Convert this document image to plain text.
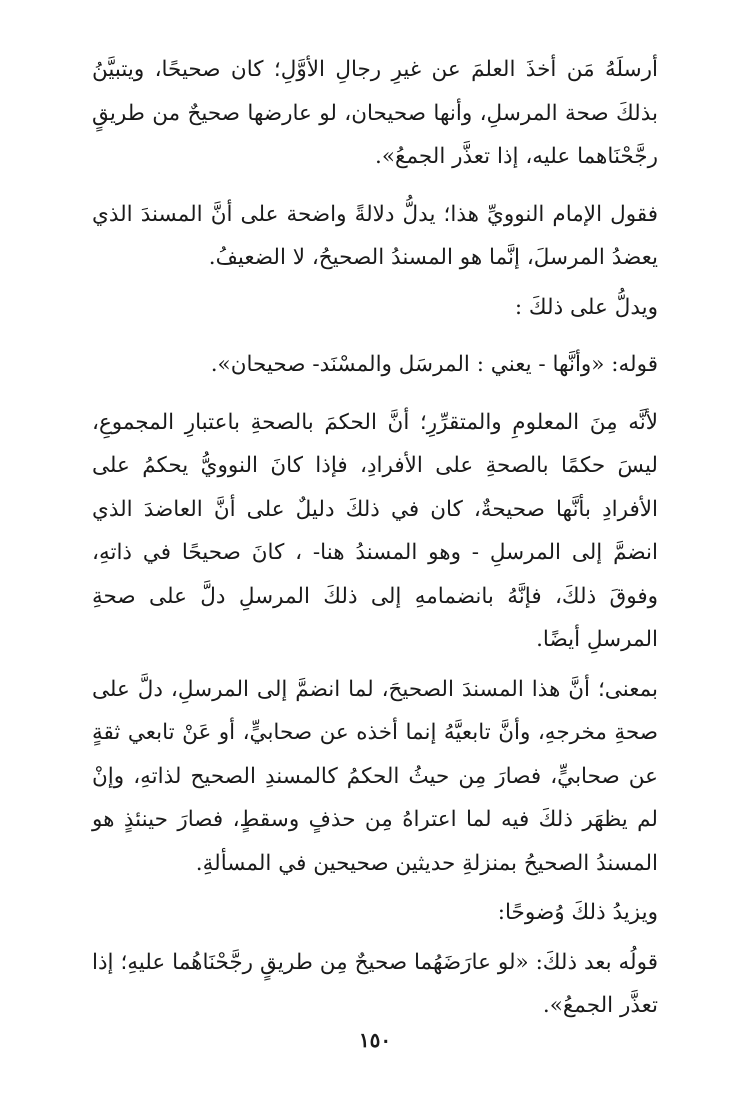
أرسلَهُ مَن أخذَ العلمَ عن غيرِ رجالِ الأوَّلِ؛ كان صحيحًا، ويتبيَّنُ بذلكَ صحة المرسلِ، وأنها صحيحان، لو عارضها صحيحٌ من طريقٍ رجَّحْنَاهما عليه، إذا تعذَّر الجمعُ».

فقول الإمام النوويِّ هذا؛ يدلُّ دلالةً واضحة على أنَّ المسندَ الذي يعضدُ المرسلَ، إنَّما هو المسندُ الصحيحُ، لا الضعيفُ.

ويدلُّ على ذلكَ :

قوله: «وأنَّها - يعني : المرسَل والمسْنَد- صحيحان».

لأنَّه مِنَ المعلومِ والمتقرِّرِ؛ أنَّ الحكمَ بالصحةِ باعتبارِ المجموعِ، ليسَ حكمًا بالصحةِ على الأفرادِ، فإذا كانَ النوويُّ يحكمُ على الأفرادِ بأنَّها صحيحةٌ، كان في ذلكَ دليلٌ على أنَّ العاضدَ الذي انضمَّ إلى المرسلِ - وهو المسندُ هنا- ، كانَ صحيحًا في ذاتهِ، وفوقَ ذلكَ، فإنَّهُ بانضمامهِ إلى ذلكَ المرسلِ دلَّ على صحةِ المرسلِ أيضًا.

بمعنى؛ أنَّ هذا المسندَ الصحيحَ، لما انضمَّ إلى المرسلِ، دلَّ على صحةِ مخرجهِ، وأنَّ تابعيَّهُ إنما أخذه عن صحابيٍّ، أو عَنْ تابعي ثقةٍ عن صحابيٍّ، فصارَ مِن حيثُ الحكمُ كالمسندِ الصحيح لذاتهِ، وإنْ لم يظهَر ذلكَ فيه لما اعتراهُ مِن حذفٍ وسقطٍ، فصارَ حينئذٍ هو المسندُ الصحيحُ بمنزلةِ حديثين صحيحين في المسألةِ.

ويزيدُ ذلكَ وُضوحًا:

قولُه بعد ذلكَ: «لو عارَضَهُما صحيحٌ مِن طريقٍ رجَّحْنَاهُما عليهِ؛ إذا تعذَّر الجمعُ».

١٥٠
